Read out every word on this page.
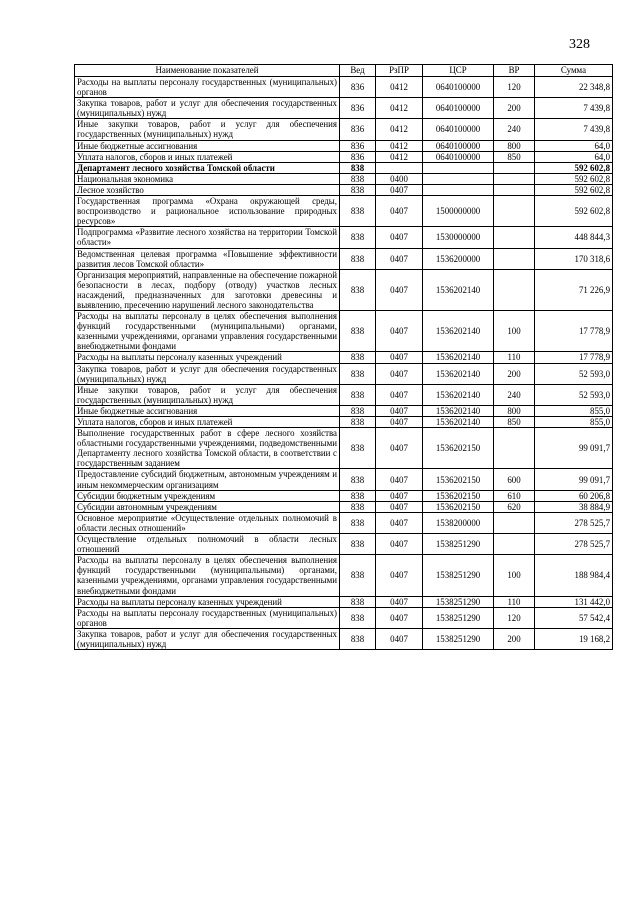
328
Наименование показателей	Вед	РзПР	ЦСР	ВР	Сумма
Расходы на выплаты персоналу государственных (муниципальных) органов	836	0412	0640100000	120	22 348,8
Закупка товаров, работ и услуг для обеспечения государственных (муниципальных) нужд	836	0412	0640100000	200	7 439,8
Иные закупки товаров, работ и услуг для обеспечения государственных (муниципальных) нужд	836	0412	0640100000	240	7 439,8
Иные бюджетные ассигнования	836	0412	0640100000	800	64,0
Уплата налогов, сборов и иных платежей	836	0412	0640100000	850	64,0
Департамент лесного хозяйства Томской области	838				592 602,8
Национальная экономика	838	0400			592 602,8
Лесное хозяйство	838	0407			592 602,8
Государственная программа «Охрана окружающей среды, воспроизводство и рациональное использование природных ресурсов»	838	0407	1500000000		592 602,8
Подпрограмма «Развитие лесного хозяйства на территории Томской области»	838	0407	1530000000		448 844,3
Ведомственная целевая программа «Повышение эффективности развития лесов Томской области»	838	0407	1536200000		170 318,6
Организация мероприятий, направленные на обеспечение пожарной безопасности в лесах, подбору (отводу) участков лесных насаждений, предназначенных для заготовки древесины и выявлению, пресечению нарушений лесного законодательства	838	0407	1536202140		71 226,9
Расходы на выплаты персоналу в целях обеспечения выполнения функций государственными (муниципальными) органами, казенными учреждениями, органами управления государственными внебюджетными фондами	838	0407	1536202140	100	17 778,9
Расходы на выплаты персоналу казенных учреждений	838	0407	1536202140	110	17 778,9
Закупка товаров, работ и услуг для обеспечения государственных (муниципальных) нужд	838	0407	1536202140	200	52 593,0
Иные закупки товаров, работ и услуг для обеспечения государственных (муниципальных) нужд	838	0407	1536202140	240	52 593,0
Иные бюджетные ассигнования	838	0407	1536202140	800	855,0
Уплата налогов, сборов и иных платежей	838	0407	1536202140	850	855,0
Выполнение государственных работ в сфере лесного хозяйства областными государственными учреждениями, подведомственными Департаменту лесного хозяйства Томской области, в соответствии с государственным заданием	838	0407	1536202150		99 091,7
Предоставление субсидий бюджетным, автономным учреждениям и иным некоммерческим организациям	838	0407	1536202150	600	99 091,7
Субсидии бюджетным учреждениям	838	0407	1536202150	610	60 206,8
Субсидии автономным учреждениям	838	0407	1536202150	620	38 884,9
Основное мероприятие «Осуществление отдельных полномочий в области лесных отношений»	838	0407	1538200000		278 525,7
Осуществление отдельных полномочий в области лесных отношений	838	0407	1538251290		278 525,7
Расходы на выплаты персоналу в целях обеспечения выполнения функций государственными (муниципальными) органами, казенными учреждениями, органами управления государственными внебюджетными фондами	838	0407	1538251290	100	188 984,4
Расходы на выплаты персоналу казенных учреждений	838	0407	1538251290	110	131 442,0
Расходы на выплаты персоналу государственных (муниципальных) органов	838	0407	1538251290	120	57 542,4
Закупка товаров, работ и услуг для обеспечения государственных (муниципальных) нужд	838	0407	1538251290	200	19 168,2
